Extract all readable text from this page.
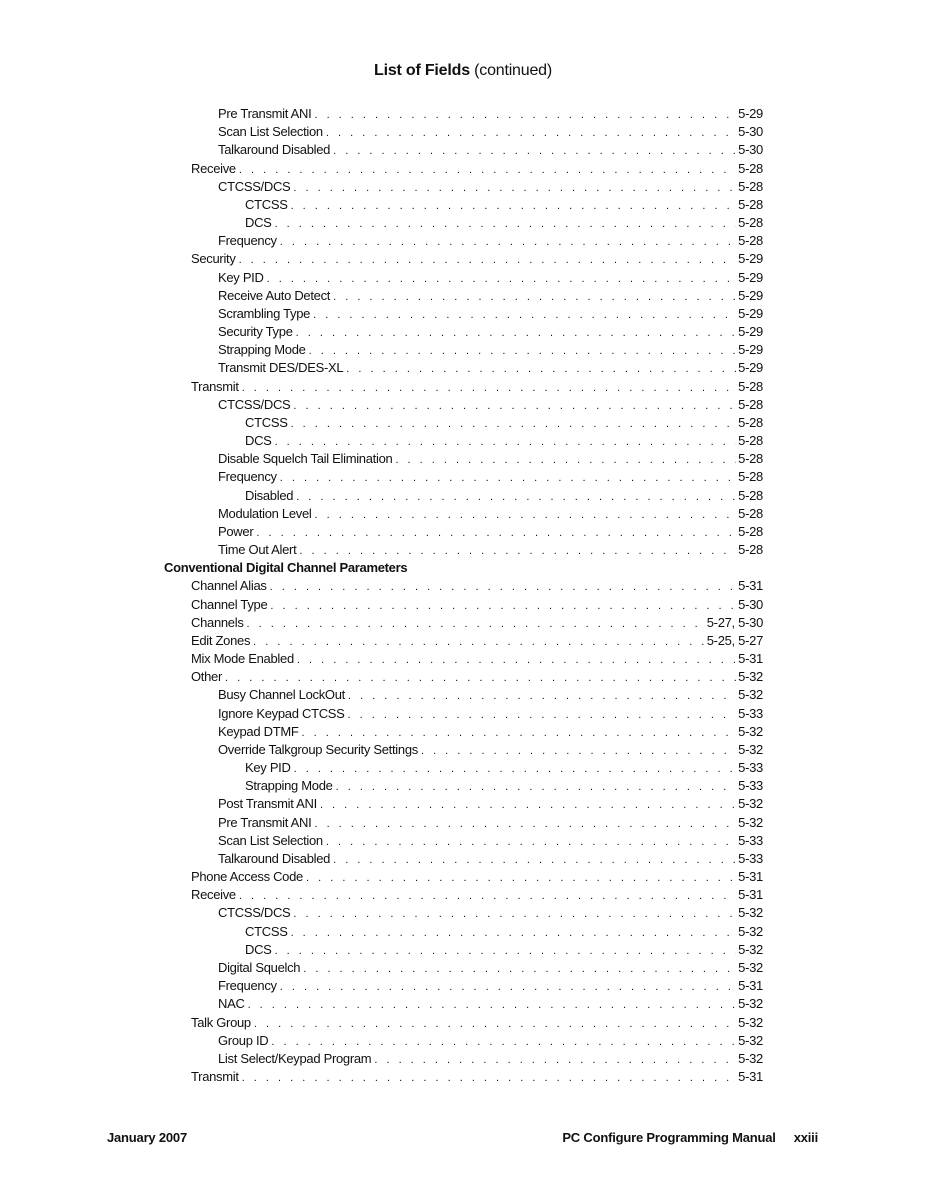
List of Fields (continued)
Pre Transmit ANI . . .	5-29
Scan List Selection . . .	5-30
Talkaround Disabled . . .	5-30
Receive . . .	5-28
CTCSS/DCS . . .	5-28
CTCSS . . .	5-28
DCS . . .	5-28
Frequency . . .	5-28
Security . . .	5-29
Key PID . . .	5-29
Receive Auto Detect . . .	5-29
Scrambling Type . . .	5-29
Security Type . . .	5-29
Strapping Mode . . .	5-29
Transmit DES/DES-XL . . .	5-29
Transmit . . .	5-28
CTCSS/DCS . . .	5-28
CTCSS . . .	5-28
DCS . . .	5-28
Disable Squelch Tail Elimination . . .	5-28
Frequency . . .	5-28
Disabled . . .	5-28
Modulation Level . . .	5-28
Power . . .	5-28
Time Out Alert . . .	5-28
Conventional Digital Channel Parameters
Channel Alias . . .	5-31
Channel Type . . .	5-30
Channels . . .	5-27, 5-30
Edit Zones . . .	5-25, 5-27
Mix Mode Enabled . . .	5-31
Other . . .	5-32
Busy Channel LockOut . . .	5-32
Ignore Keypad CTCSS . . .	5-33
Keypad DTMF . . .	5-32
Override Talkgroup Security Settings . . .	5-32
Key PID . . .	5-33
Strapping Mode . . .	5-33
Post Transmit ANI . . .	5-32
Pre Transmit ANI . . .	5-32
Scan List Selection . . .	5-33
Talkaround Disabled . . .	5-33
Phone Access Code . . .	5-31
Receive . . .	5-31
CTCSS/DCS . . .	5-32
CTCSS . . .	5-32
DCS . . .	5-32
Digital Squelch . . .	5-32
Frequency . . .	5-31
NAC . . .	5-32
Talk Group . . .	5-32
Group ID . . .	5-32
List Select/Keypad Program . . .	5-32
Transmit . . .	5-31
January 2007	PC Configure Programming Manual xxiii
